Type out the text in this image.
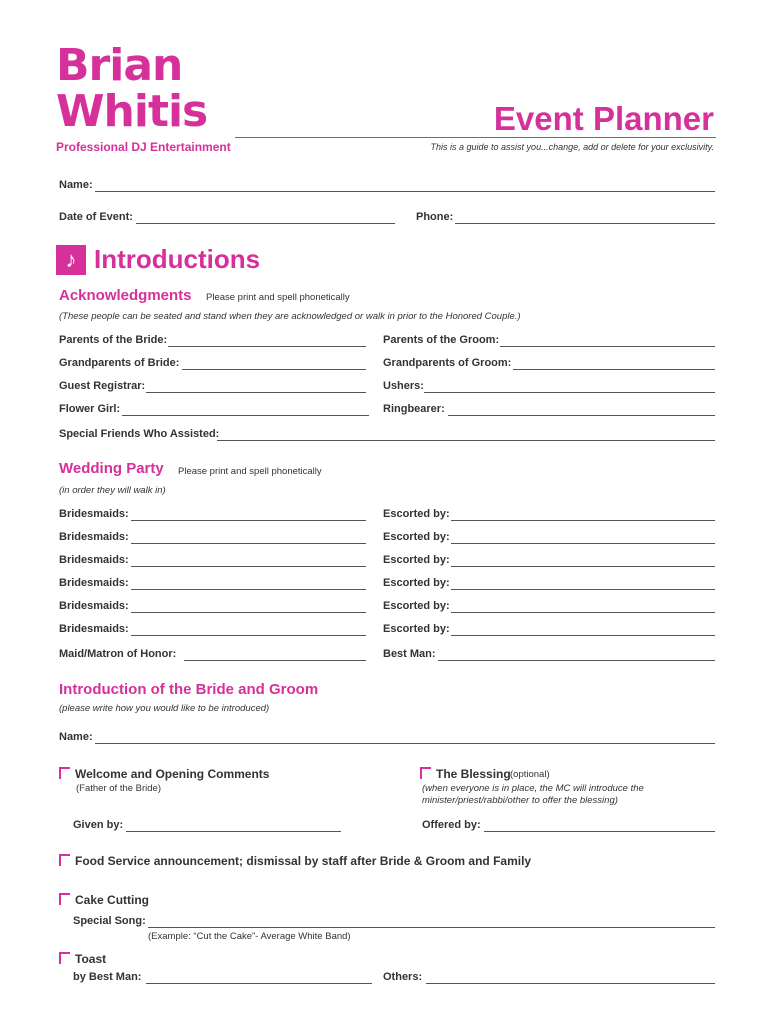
Brian
Whitis
Professional DJ Entertainment
Event Planner
This is a guide to assist you...change, add or delete for your exclusivity.
Name:
Date of Event:	Phone:
♪ Introductions
Acknowledgments Please print and spell phonetically
(These people can be seated and stand when they are acknowledged or walk in prior to the Honored Couple.)
Parents of the Bride:	Parents of the Groom:
Grandparents of Bride:	Grandparents of Groom:
Guest Registrar:	Ushers:
Flower Girl:	Ringbearer:
Special Friends Who Assisted:
Wedding Party Please print and spell phonetically
(in order they will walk in)
Bridesmaids:	Escorted by:
Bridesmaids:	Escorted by:
Bridesmaids:	Escorted by:
Bridesmaids:	Escorted by:
Bridesmaids:	Escorted by:
Bridesmaids:	Escorted by:
Maid/Matron of Honor:	Best Man:
Introduction of the Bride and Groom
(please write how you would like to be introduced)
Name:
Welcome and Opening Comments
(Father of the Bride)
The Blessing (optional)
(when everyone is in place, the MC will introduce the
minister/priest/rabbi/other to offer the blessing)
Given by:	Offered by:
Food Service announcement; dismissal by staff after Bride & Groom and Family
Cake Cutting
Special Song:
(Example: “Cut the Cake”- Average White Band)
Toast
by Best Man:	Others:
